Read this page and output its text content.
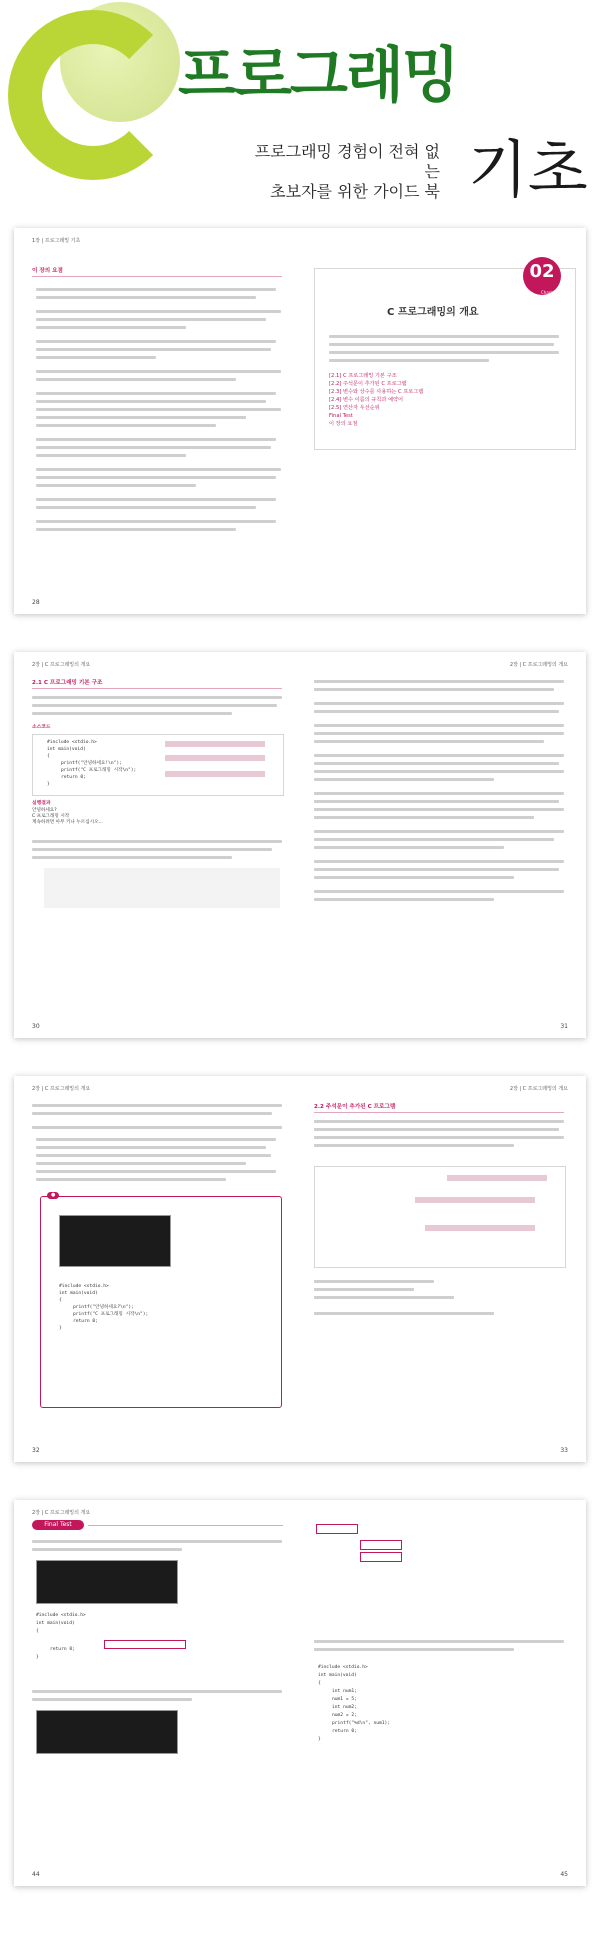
프로그래밍
프로그래밍 경험이 전혀 없는
초보자를 위한 가이드 북 기초
1장 | 프로그래밍 기초
이 장의 요점
28
02
Chapter
C 프로그래밍의 개요
[2.1] C 프로그래밍 기본 구조
[2.2] 주석문이 추가된 C 프로그램
[2.3] 변수와 상수를 사용하는 C 프로그램
[2.4] 변수 이름의 규칙과 예약어
[2.5] 연산자 우선순위
Final Test
이 장의 요점
2장 | C 프로그래밍의 개요
2.1 C 프로그래밍 기본 구조
소스코드
#include <stdio.h>
int main(void)
{
printf("안녕하세요!\n");
printf("C 프로그래밍 시작\n");
return 0;
}
실행결과
안녕하세요?
C 프로그래밍 시작
계속하려면 아무 키나 누르십시오...
30
2장 | C 프로그래밍의 개요
31
2장 | C 프로그래밍의 개요
●
#include <stdio.h>
int main(void)
{
printf("안녕하세요?\n");
printf("C 프로그래밍 시작\n");
return 0;
}
32
2장 | C 프로그래밍의 개요
2.2 주석문이 추가된 C 프로그램
33
2장 | C 프로그래밍의 개요
Final Test
#include <stdio.h>
int main(void)
{
return 0;
}
44
#include <stdio.h>
int main(void)
{
int num1;
num1 = 5;
int num2;
num2 = 2;
printf("%d\n", num1);
return 0;
}
45
